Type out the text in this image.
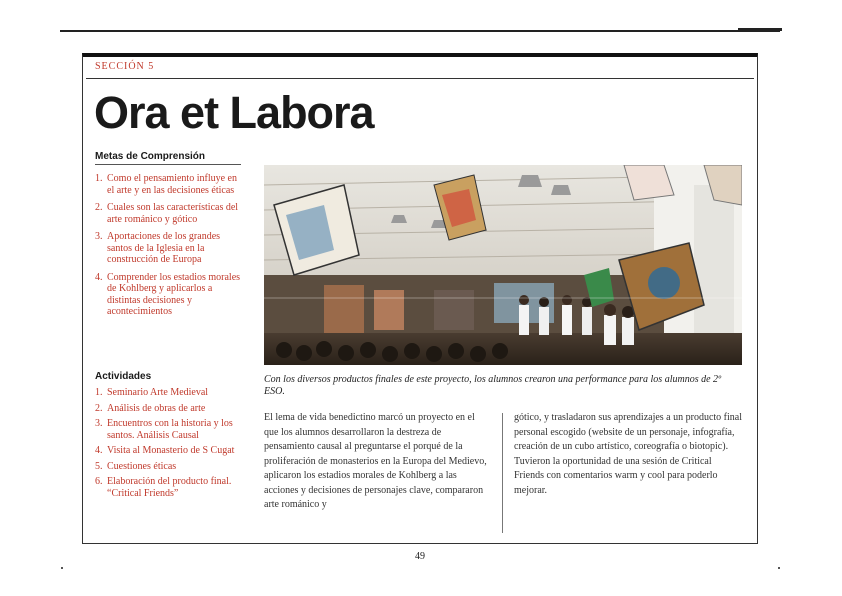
SECCIÓN 5
Ora et Labora
Metas de Comprensión
1. Como el pensamiento influye en el arte y en las decisiones éticas
2. Cuales son las características del arte románico y gótico
3. Aportaciones de los grandes santos de la Iglesia en la construcción de Europa
4. Comprender los estadios morales de Kohlberg y aplicarlos a distintas decisiones y acontecimientos
Actividades
1. Seminario Arte Medieval
2. Análisis de obras de arte
3. Encuentros con la historia y los santos. Análisis Causal
4. Visita al Monasterio de S Cugat
5. Cuestiones éticas
6. Elaboración del producto final. “Critical Friends”
Con los diversos productos finales de este proyecto, los alumnos crearon una performance para los alumnos de 2º ESO.
El lema de vida benedictino marcó un proyecto en el que los alumnos desarrollaron la destreza de pensamiento causal al preguntarse el porqué de la proliferación de monasterios en la Europa del Medievo, aplicaron los estadios morales de Kohlberg a las acciones y decisiones de personajes clave, compararon arte románico y
gótico, y trasladaron sus aprendizajes a un producto final personal escogido (website de un personaje, infografía, creación de un cubo artístico, coreografía o biotopic). Tuvieron la oportunidad de una sesión de Critical Friends con comentarios warm y cool para poderlo mejorar.
49
